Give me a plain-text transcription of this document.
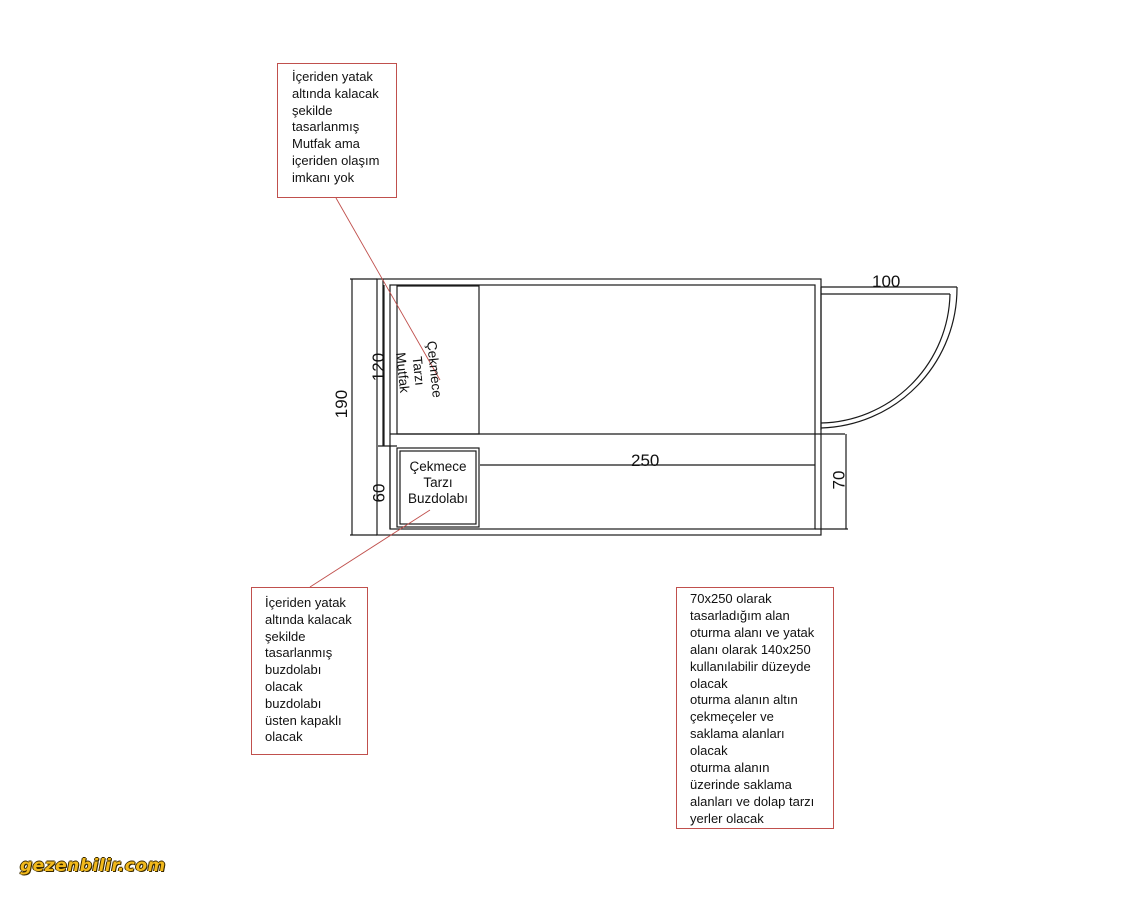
İçeriden yatak
altında kalacak
şekilde
tasarlanmış
Mutfak ama
içeriden olaşım
imkanı yok
İçeriden yatak
altında kalacak
şekilde
tasarlanmış
buzdolabı
olacak
buzdolabı
üsten kapaklı
olacak
70x250 olarak
tasarladığım alan
oturma alanı ve yatak
alanı olarak 140x250
kullanılabilir düzeyde
olacak
oturma alanın altın
çekmeçeler ve
saklama alanları
olacak
oturma alanın
üzerinde saklama
alanları ve dolap tarzı
yerler olacak
Çekmece Tarzı
Mutfak
Çekmece
Tarzı
Buzdolabı
100
250
190
120
60
70
gezenbilir.com
